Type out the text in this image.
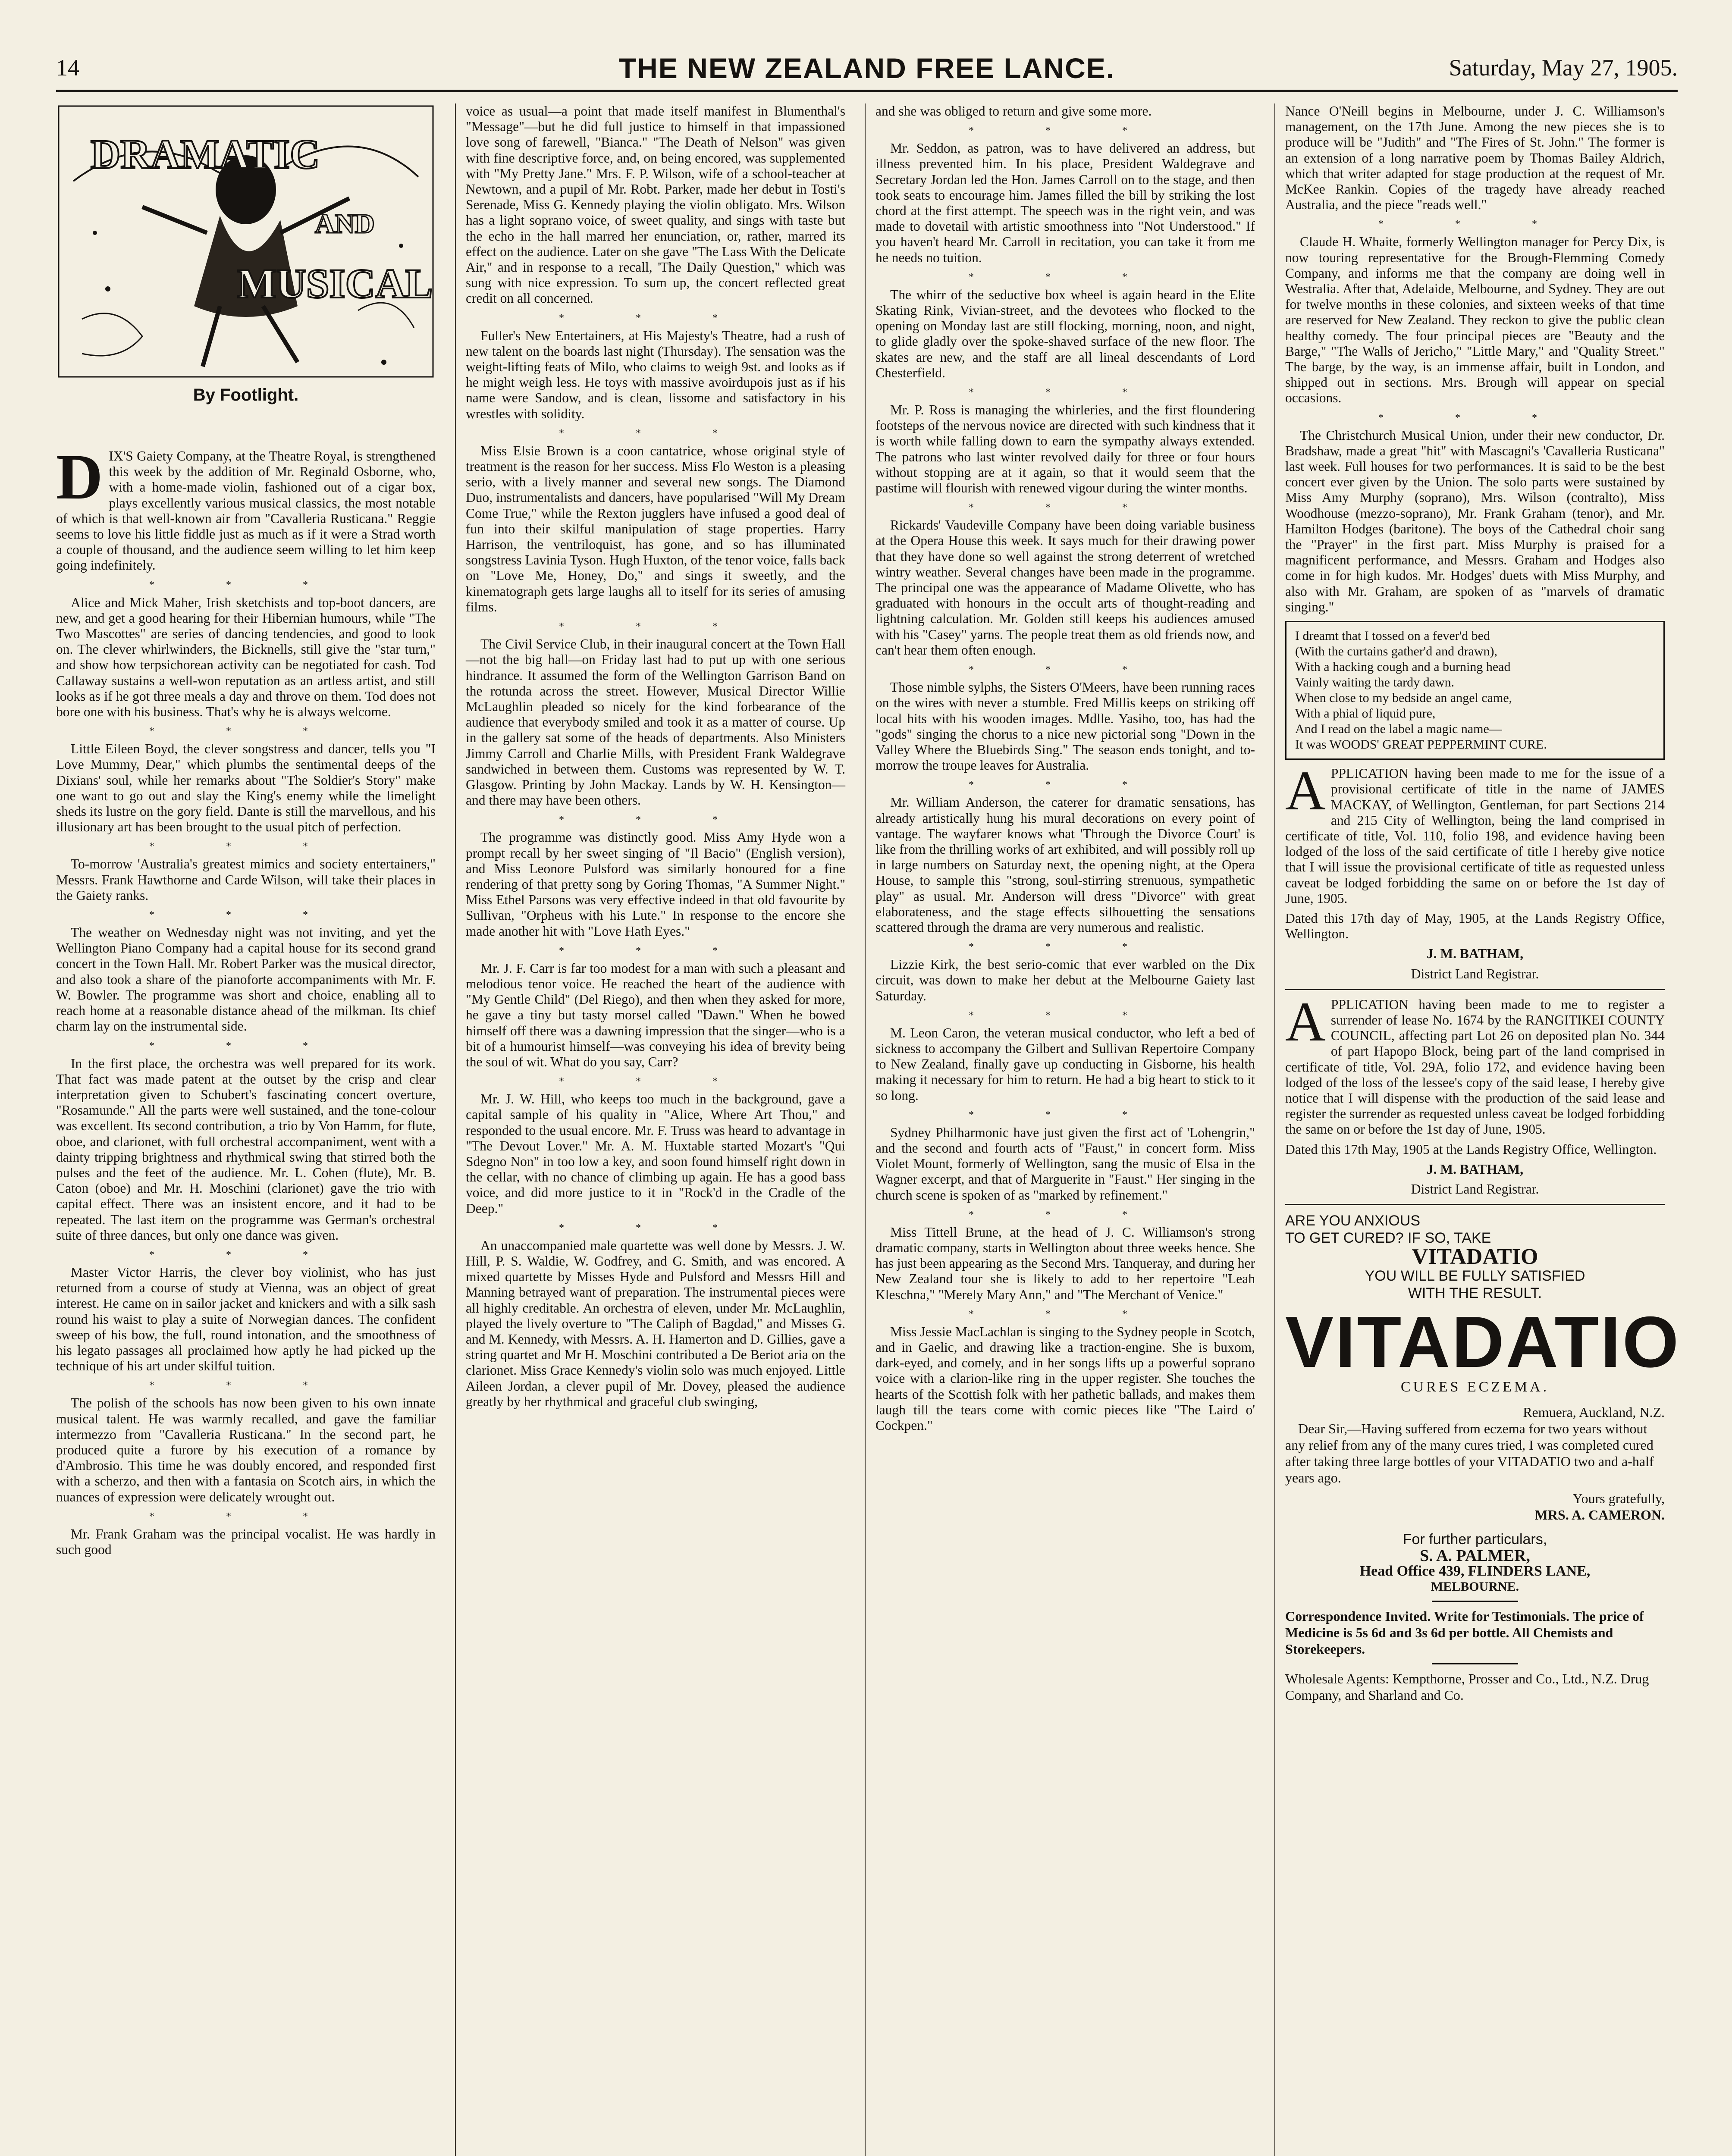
14	THE NEW ZEALAND FREE LANCE.	Saturday, May 27, 1905.
DRAMATIC
AND
MUSICAL
By Footlight.

DIX'S Gaiety Company, at the Theatre Royal, is strengthened this week by the addition of Mr. Reginald Osborne, who, with a home-made violin, fashioned out of a cigar box, plays excellently various musical classics, the most notable of which is that well-known air from "Cavalleria Rusticana." Reggie seems to love his little fiddle just as much as if it were a Strad worth a couple of thousand, and the audience seem willing to let him keep going indefinitely.

* * *

Alice and Mick Maher, Irish sketchists and top-boot dancers, are new, and get a good hearing for their Hibernian humours, while "The Two Mascottes" are series of dancing tendencies, and good to look on. The clever whirlwinders, the Bicknells, still give the "star turn," and show how terpsichorean activity can be negotiated for cash. Tod Callaway sustains a well-won reputation as an artless artist, and still looks as if he got three meals a day and throve on them. Tod does not bore one with his business. That's why he is always welcome.

* * *

Little Eileen Boyd, the clever songstress and dancer, tells you "I Love Mummy, Dear," which plumbs the sentimental deeps of the Dixians' soul, while her remarks about "The Soldier's Story" make one want to go out and slay the King's enemy while the limelight sheds its lustre on the gory field. Dante is still the marvellous, and his illusionary art has been brought to the usual pitch of perfection.

* * *

To-morrow 'Australia's greatest mimics and society entertainers," Messrs. Frank Hawthorne and Carde Wilson, will take their places in the Gaiety ranks.

* * *

The weather on Wednesday night was not inviting, and yet the Wellington Piano Company had a capital house for its second grand concert in the Town Hall. Mr. Robert Parker was the musical director, and also took a share of the pianoforte accompaniments with Mr. F. W. Bowler. The programme was short and choice, enabling all to reach home at a reasonable distance ahead of the milkman. Its chief charm lay on the instrumental side.

* * *

In the first place, the orchestra was well prepared for its work. That fact was made patent at the outset by the crisp and clear interpretation given to Schubert's fascinating concert overture, "Rosamunde." All the parts were well sustained, and the tone-colour was excellent. Its second contribution, a trio by Von Hamm, for flute, oboe, and clarionet, with full orchestral accompaniment, went with a dainty tripping brightness and rhythmical swing that stirred both the pulses and the feet of the audience. Mr. L. Cohen (flute), Mr. B. Caton (oboe) and Mr. H. Moschini (clarionet) gave the trio with capital effect. There was an insistent encore, and it had to be repeated. The last item on the programme was German's orchestral suite of three dances, but only one dance was given.

* * *

Master Victor Harris, the clever boy violinist, who has just returned from a course of study at Vienna, was an object of great interest. He came on in sailor jacket and knickers and with a silk sash round his waist to play a suite of Norwegian dances. The confident sweep of his bow, the full, round intonation, and the smoothness of his legato passages all proclaimed how aptly he had picked up the technique of his art under skilful tuition.

* * *

The polish of the schools has now been given to his own innate musical talent. He was warmly recalled, and gave the familiar intermezzo from "Cavalleria Rusticana." In the second part, he produced quite a furore by his execution of a romance by d'Ambrosio. This time he was doubly encored, and responded first with a scherzo, and then with a fantasia on Scotch airs, in which the nuances of expression were delicately wrought out.

* * *

Mr. Frank Graham was the principal vocalist. He was hardly in such good

voice as usual—a point that made itself manifest in Blumenthal's "Message"—but he did full justice to himself in that impassioned love song of farewell, "Bianca." "The Death of Nelson" was given with fine descriptive force, and, on being encored, was supplemented with "My Pretty Jane." Mrs. F. P. Wilson, wife of a school-teacher at Newtown, and a pupil of Mr. Robt. Parker, made her debut in Tosti's Serenade, Miss G. Kennedy playing the violin obligato. Mrs. Wilson has a light soprano voice, of sweet quality, and sings with taste but the echo in the hall marred her enunciation, or, rather, marred its effect on the audience. Later on she gave "The Lass With the Delicate Air," and in response to a recall, 'The Daily Question," which was sung with nice expression. To sum up, the concert reflected great credit on all concerned.

* * *

Fuller's New Entertainers, at His Majesty's Theatre, had a rush of new talent on the boards last night (Thursday). The sensation was the weight-lifting feats of Milo, who claims to weigh 9st. and looks as if he might weigh less. He toys with massive avoirdupois just as if his name were Sandow, and is clean, lissome and satisfactory in his wrestles with solidity.

* * *

Miss Elsie Brown is a coon cantatrice, whose original style of treatment is the reason for her success. Miss Flo Weston is a pleasing serio, with a lively manner and several new songs. The Diamond Duo, instrumentalists and dancers, have popularised "Will My Dream Come True," while the Rexton jugglers have infused a good deal of fun into their skilful manipulation of stage properties. Harry Harrison, the ventriloquist, has gone, and so has illuminated songstress Lavinia Tyson. Hugh Huxton, of the tenor voice, falls back on "Love Me, Honey, Do," and sings it sweetly, and the kinematograph gets large laughs all to itself for its series of amusing films.

* * *

The Civil Service Club, in their inaugural concert at the Town Hall—not the big hall—on Friday last had to put up with one serious hindrance. It assumed the form of the Wellington Garrison Band on the rotunda across the street. However, Musical Director Willie McLaughlin pleaded so nicely for the kind forbearance of the audience that everybody smiled and took it as a matter of course. Up in the gallery sat some of the heads of departments. Also Ministers Jimmy Carroll and Charlie Mills, with President Frank Waldegrave sandwiched in between them. Customs was represented by W. T. Glasgow. Printing by John Mackay. Lands by W. H. Kensington—and there may have been others.

* * *

The programme was distinctly good. Miss Amy Hyde won a prompt recall by her sweet singing of "Il Bacio" (English version), and Miss Leonore Pulsford was similarly honoured for a fine rendering of that pretty song by Goring Thomas, "A Summer Night." Miss Ethel Parsons was very effective indeed in that old favourite by Sullivan, "Orpheus with his Lute." In response to the encore she made another hit with "Love Hath Eyes."

* * *

Mr. J. F. Carr is far too modest for a man with such a pleasant and melodious tenor voice. He reached the heart of the audience with "My Gentle Child" (Del Riego), and then when they asked for more, he gave a tiny but tasty morsel called "Dawn." When he bowed himself off there was a dawning impression that the singer—who is a bit of a humourist himself—was conveying his idea of brevity being the soul of wit. What do you say, Carr?

* * *

Mr. J. W. Hill, who keeps too much in the background, gave a capital sample of his quality in "Alice, Where Art Thou," and responded to the usual encore. Mr. F. Truss was heard to advantage in "The Devout Lover." Mr. A. M. Huxtable started Mozart's "Qui Sdegno Non" in too low a key, and soon found himself right down in the cellar, with no chance of climbing up again. He has a good bass voice, and did more justice to it in "Rock'd in the Cradle of the Deep."

* * *

An unaccompanied male quartette was well done by Messrs. J. W. Hill, P. S. Waldie, W. Godfrey, and G. Smith, and was encored. A mixed quartette by Misses Hyde and Pulsford and Messrs Hill and Manning betrayed want of preparation. The instrumental pieces were all highly creditable. An orchestra of eleven, under Mr. McLaughlin, played the lively overture to "The Caliph of Bagdad," and Misses G. and M. Kennedy, with Messrs. A. H. Hamerton and D. Gillies, gave a string quartet and Mr H. Moschini contributed a De Beriot aria on the clarionet. Miss Grace Kennedy's violin solo was much enjoyed. Little Aileen Jordan, a clever pupil of Mr. Dovey, pleased the audience greatly by her rhythmical and graceful club swinging,

and she was obliged to return and give some more.

* * *

Mr. Seddon, as patron, was to have delivered an address, but illness prevented him. In his place, President Waldegrave and Secretary Jordan led the Hon. James Carroll on to the stage, and then took seats to encourage him. James filled the bill by striking the lost chord at the first attempt. The speech was in the right vein, and was made to dovetail with artistic smoothness into "Not Understood." If you haven't heard Mr. Carroll in recitation, you can take it from me he needs no tuition.

* * *

The whirr of the seductive box wheel is again heard in the Elite Skating Rink, Vivian-street, and the devotees who flocked to the opening on Monday last are still flocking, morning, noon, and night, to glide gladly over the spoke-shaved surface of the new floor. The skates are new, and the staff are all lineal descendants of Lord Chesterfield.

* * *

Mr. P. Ross is managing the whirleries, and the first floundering footsteps of the nervous novice are directed with such kindness that it is worth while falling down to earn the sympathy always extended. The patrons who last winter revolved daily for three or four hours without stopping are at it again, so that it would seem that the pastime will flourish with renewed vigour during the winter months.

* * *

Rickards' Vaudeville Company have been doing variable business at the Opera House this week. It says much for their drawing power that they have done so well against the strong deterrent of wretched wintry weather. Several changes have been made in the programme. The principal one was the appearance of Madame Olivette, who has graduated with honours in the occult arts of thought-reading and lightning calculation. Mr. Golden still keeps his audiences amused with his "Casey" yarns. The people treat them as old friends now, and can't hear them often enough.

* * *

Those nimble sylphs, the Sisters O'Meers, have been running races on the wires with never a stumble. Fred Millis keeps on striking off local hits with his wooden images. Mdlle. Yasiho, too, has had the "gods" singing the chorus to a nice new pictorial song "Down in the Valley Where the Bluebirds Sing." The season ends tonight, and to-morrow the troupe leaves for Australia.

* * *

Mr. William Anderson, the caterer for dramatic sensations, has already artistically hung his mural decorations on every point of vantage. The wayfarer knows what 'Through the Divorce Court' is like from the thrilling works of art exhibited, and will possibly roll up in large numbers on Saturday next, the opening night, at the Opera House, to sample this "strong, soul-stirring strenuous, sympathetic play" as usual. Mr. Anderson will dress "Divorce" with great elaborateness, and the stage effects silhouetting the sensations scattered through the drama are very numerous and realistic.

* * *

Lizzie Kirk, the best serio-comic that ever warbled on the Dix circuit, was down to make her debut at the Melbourne Gaiety last Saturday.

* * *

M. Leon Caron, the veteran musical conductor, who left a bed of sickness to accompany the Gilbert and Sullivan Repertoire Company to New Zealand, finally gave up conducting in Gisborne, his health making it necessary for him to return. He had a big heart to stick to it so long.

* * *

Sydney Philharmonic have just given the first act of 'Lohengrin," and the second and fourth acts of "Faust," in concert form. Miss Violet Mount, formerly of Wellington, sang the music of Elsa in the Wagner excerpt, and that of Marguerite in "Faust." Her singing in the church scene is spoken of as "marked by refinement."

* * *

Miss Tittell Brune, at the head of J. C. Williamson's strong dramatic company, starts in Wellington about three weeks hence. She has just been appearing as the Second Mrs. Tanqueray, and during her New Zealand tour she is likely to add to her repertoire "Leah Kleschna," "Merely Mary Ann," and "The Merchant of Venice."

* * *

Miss Jessie MacLachlan is singing to the Sydney people in Scotch, and in Gaelic, and drawing like a traction-engine. She is buxom, dark-eyed, and comely, and in her songs lifts up a powerful soprano voice with a clarion-like ring in the upper register. She touches the hearts of the Scottish folk with her pathetic ballads, and makes them laugh till the tears come with comic pieces like "The Laird o' Cockpen."

Nance O'Neill begins in Melbourne, under J. C. Williamson's management, on the 17th June. Among the new pieces she is to produce will be "Judith" and "The Fires of St. John." The former is an extension of a long narrative poem by Thomas Bailey Aldrich, which that writer adapted for stage production at the request of Mr. McKee Rankin. Copies of the tragedy have already reached Australia, and the piece "reads well."

* * *

Claude H. Whaite, formerly Wellington manager for Percy Dix, is now touring representative for the Brough-Flemming Comedy Company, and informs me that the company are doing well in Westralia. After that, Adelaide, Melbourne, and Sydney. They are out for twelve months in these colonies, and sixteen weeks of that time are reserved for New Zealand. They reckon to give the public clean healthy comedy. The four principal pieces are "Beauty and the Barge," "The Walls of Jericho," "Little Mary," and "Quality Street." The barge, by the way, is an immense affair, built in London, and shipped out in sections. Mrs. Brough will appear on special occasions.

* * *

The Christchurch Musical Union, under their new conductor, Dr. Bradshaw, made a great "hit" with Mascagni's 'Cavalleria Rusticana" last week. Full houses for two performances. It is said to be the best concert ever given by the Union. The solo parts were sustained by Miss Amy Murphy (soprano), Mrs. Wilson (contralto), Miss Woodhouse (mezzo-soprano), Mr. Frank Graham (tenor), and Mr. Hamilton Hodges (baritone). The boys of the Cathedral choir sang the "Prayer" in the first part. Miss Murphy is praised for a magnificent performance, and Messrs. Graham and Hodges also come in for high kudos. Mr. Hodges' duets with Miss Murphy, and also with Mr. Graham, are spoken of as "marvels of dramatic singing."

I dreamt that I tossed on a fever'd bed
(With the curtains gather'd and drawn),
With a hacking cough and a burning head
Vainly waiting the tardy dawn.
When close to my bedside an angel came,
With a phial of liquid pure,
And I read on the label a magic name—
It was WOODS' GREAT PEPPERMINT CURE.

APPLICATION having been made to me for the issue of a provisional certificate of title in the name of JAMES MACKAY, of Wellington, Gentleman, for part Sections 214 and 215 City of Wellington, being the land comprised in certificate of title, Vol. 110, folio 198, and evidence having been lodged of the loss of the said certificate of title I hereby give notice that I will issue the provisional certificate of title as requested unless caveat be lodged forbidding the same on or before the 1st day of June, 1905.

Dated this 17th day of May, 1905, at the Lands Registry Office, Wellington.

J. M. BATHAM,

District Land Registrar.

APPLICATION having been made to me to register a surrender of lease No. 1674 by the RANGITIKEI COUNTY COUNCIL, affecting part Lot 26 on deposited plan No. 344 of part Hapopo Block, being part of the land comprised in certificate of title, Vol. 29A, folio 172, and evidence having been lodged of the loss of the lessee's copy of the said lease, I hereby give notice that I will dispense with the production of the said lease and register the surrender as requested unless caveat be lodged forbidding the same on or before the 1st day of June, 1905.

Dated this 17th May, 1905 at the Lands Registry Office, Wellington.

J. M. BATHAM,

District Land Registrar.

ARE YOU ANXIOUS
TO GET CURED? IF SO, TAKE
VITADATIO
YOU WILL BE FULLY SATISFIED
WITH THE RESULT.
VITADATIO
CURES ECZEMA.
Remuera, Auckland, N.Z.

Dear Sir,—Having suffered from eczema for two years without any relief from any of the many cures tried, I was completed cured after taking three large bottles of your VITADATIO two and a-half years ago.

Yours gratefully,
MRS. A. CAMERON.
For further particulars,
S. A. PALMER,
Head Office 439, FLINDERS LANE,
MELBOURNE.
Correspondence Invited. Write for Testimonials. The price of Medicine is 5s 6d and 3s 6d per bottle. All Chemists and Storekeepers.
Wholesale Agents: Kempthorne, Prosser and Co., Ltd., N.Z. Drug Company, and Sharland and Co.
